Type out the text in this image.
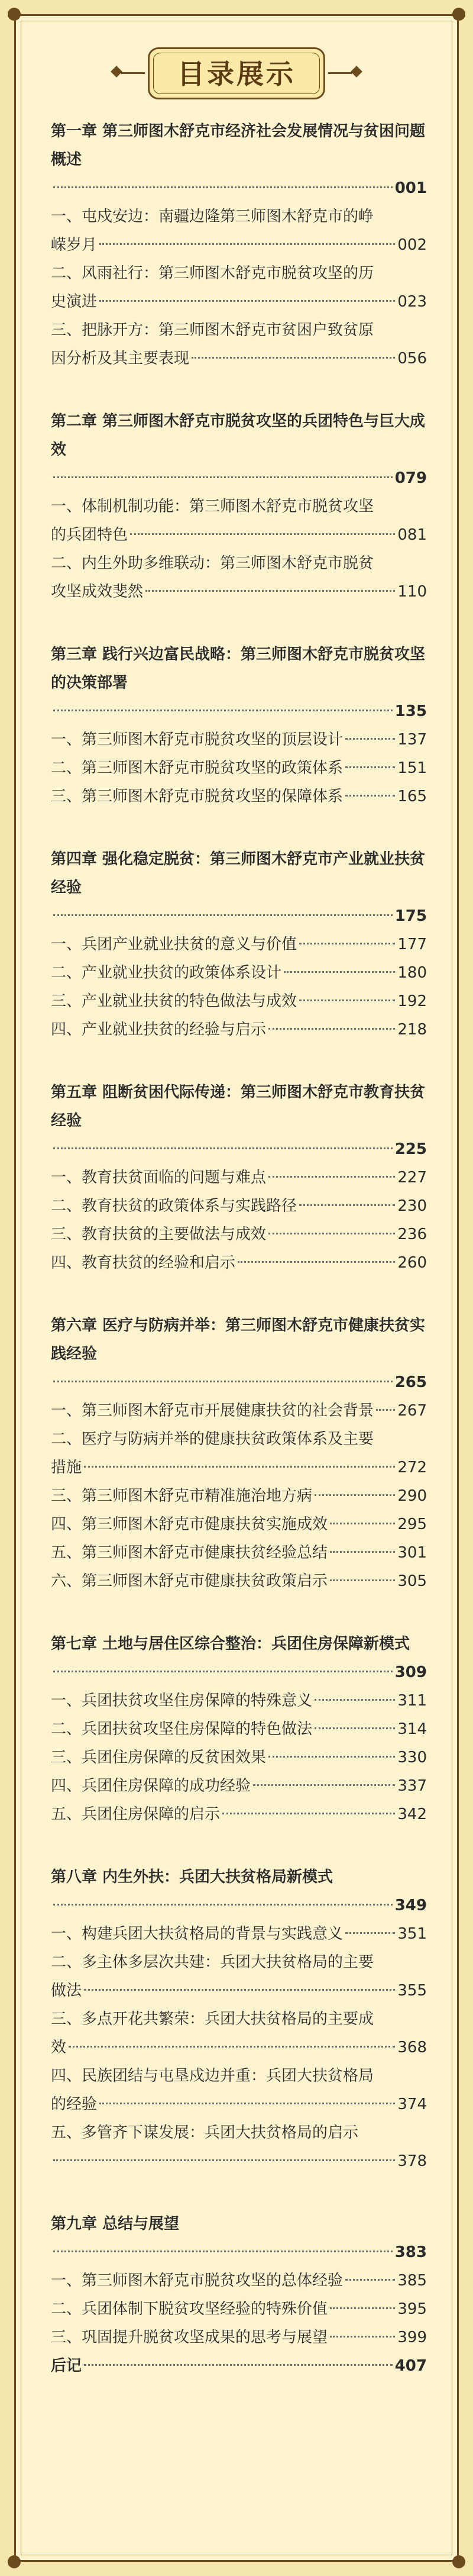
目录展示
第一章 第三师图木舒克市经济社会发展情况与贫困问题概述
001
一、屯戍安边：南疆边隆第三师图木舒克市的峥
嵘岁月	002
二、风雨社行：第三师图木舒克市脱贫攻坚的历
史演进	023
三、把脉开方：第三师图木舒克市贫困户致贫原
因分析及其主要表现	056
第二章 第三师图木舒克市脱贫攻坚的兵团特色与巨大成效
079
一、体制机制功能：第三师图木舒克市脱贫攻坚
的兵团特色	081
二、内生外助多维联动：第三师图木舒克市脱贫
攻坚成效斐然	110
第三章 践行兴边富民战略：第三师图木舒克市脱贫攻坚的决策部署
135
一、第三师图木舒克市脱贫攻坚的顶层设计	137
二、第三师图木舒克市脱贫攻坚的政策体系	151
三、第三师图木舒克市脱贫攻坚的保障体系	165
第四章 强化稳定脱贫：第三师图木舒克市产业就业扶贫经验
175
一、兵团产业就业扶贫的意义与价值	177
二、产业就业扶贫的政策体系设计	180
三、产业就业扶贫的特色做法与成效	192
四、产业就业扶贫的经验与启示	218
第五章 阻断贫困代际传递：第三师图木舒克市教育扶贫经验
225
一、教育扶贫面临的问题与难点	227
二、教育扶贫的政策体系与实践路径	230
三、教育扶贫的主要做法与成效	236
四、教育扶贫的经验和启示	260
第六章 医疗与防病并举：第三师图木舒克市健康扶贫实践经验
265
一、第三师图木舒克市开展健康扶贫的社会背景 267
二、医疗与防病并举的健康扶贫政策体系及主要
措施	272
三、第三师图木舒克市精准施治地方病	290
四、第三师图木舒克市健康扶贫实施成效	295
五、第三师图木舒克市健康扶贫经验总结	301
六、第三师图木舒克市健康扶贫政策启示	305
第七章 土地与居住区综合整治：兵团住房保障新模式
309
一、兵团扶贫攻坚住房保障的特殊意义	311
二、兵团扶贫攻坚住房保障的特色做法	314
三、兵团住房保障的反贫困效果	330
四、兵团住房保障的成功经验	337
五、兵团住房保障的启示	342
第八章 内生外扶：兵团大扶贫格局新模式
349
一、构建兵团大扶贫格局的背景与实践意义	351
二、多主体多层次共建：兵团大扶贫格局的主要
做法	355
三、多点开花共繁荣：兵团大扶贫格局的主要成
效	368
四、民族团结与屯垦戍边并重：兵团大扶贫格局
的经验	374
五、多管齐下谋发展：兵团大扶贫格局的启示
378
第九章 总结与展望
383
一、第三师图木舒克市脱贫攻坚的总体经验	385
二、兵团体制下脱贫攻坚经验的特殊价值	395
三、巩固提升脱贫攻坚成果的思考与展望	399
后记	407
